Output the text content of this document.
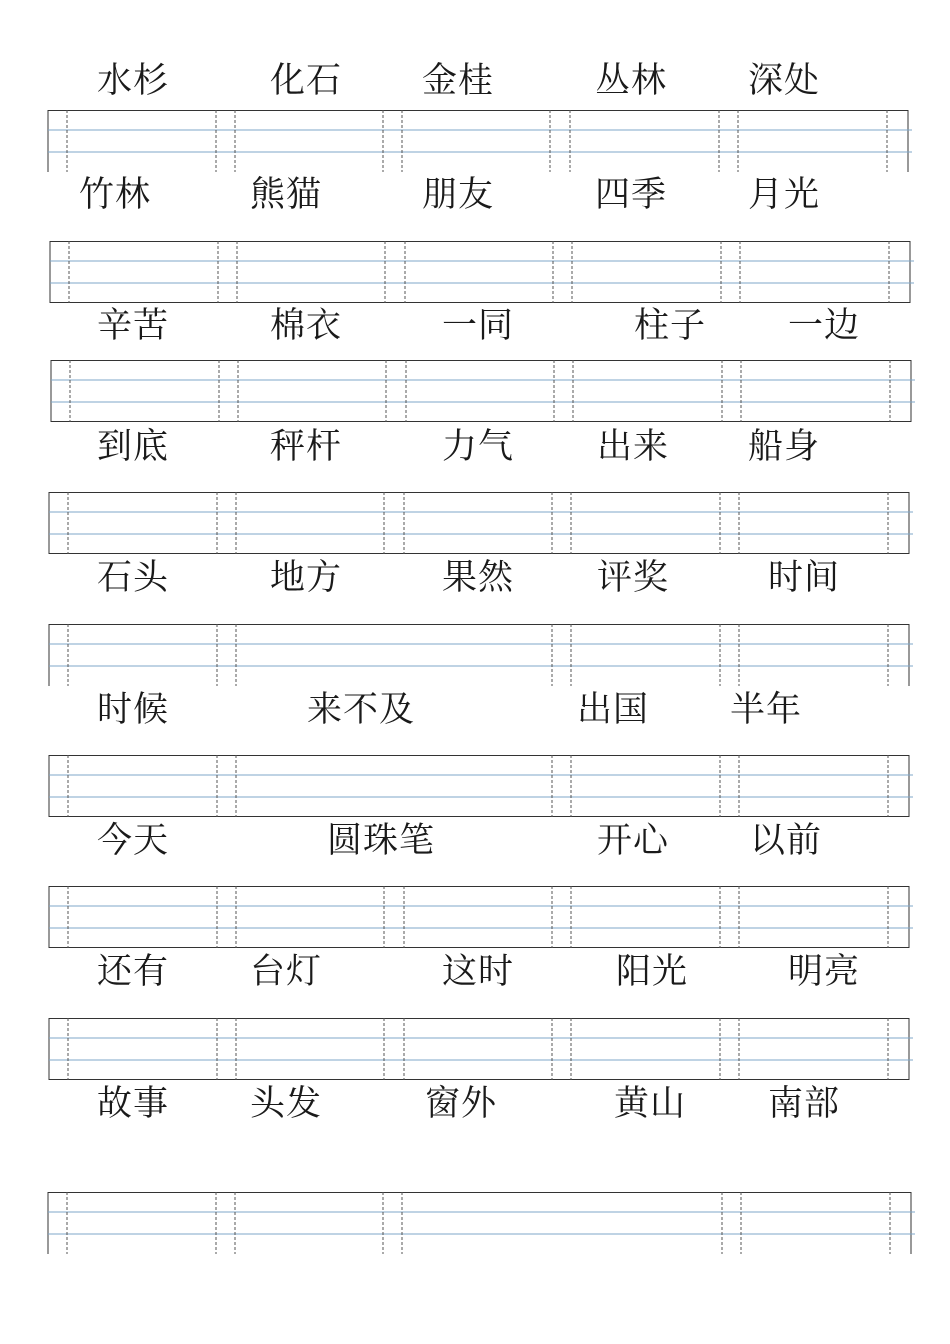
水杉	化石 金桂	丛林 深处
竹林	熊猫	朋友	四季 月光
辛苦	棉衣	一同	柱子 一边
到底	秤杆	力气 出来 船身
石头	地方	果然 评奖	时间
时候	来不及	出国 半年
今天	圆珠笔	开心 以前
还有 台灯	这时	阳光	明亮
故事 头发	窗外	黄山 南部
